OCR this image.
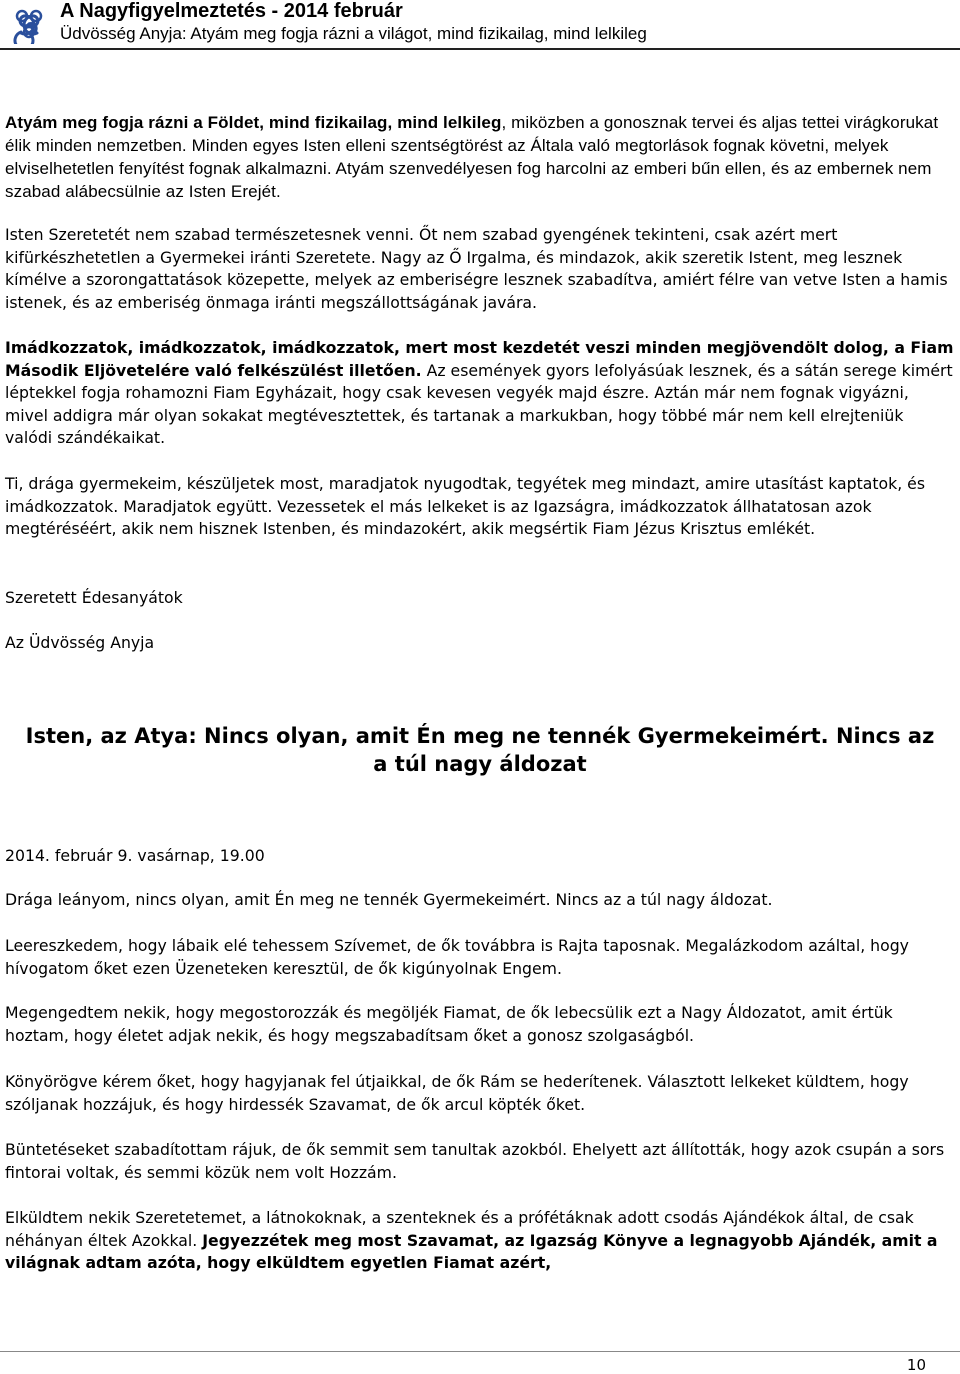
A Nagyfigyelmeztetés - 2014 február
Üdvösség Anyja: Atyám meg fogja rázni a világot, mind fizikailag, mind lelkileg

Atyám meg fogja rázni a Földet, mind fizikailag, mind lelkileg, miközben a gonosznak tervei és aljas tettei virágkorukat élik minden nemzetben. Minden egyes Isten elleni szentségtörést az Általa való megtorlások fognak követni, melyek elviselhetetlen fenyítést fognak alkalmazni. Atyám szenvedélyesen fog harcolni az emberi bűn ellen, és az embernek nem szabad alábecsülnie az Isten Erejét.

Isten Szeretetét nem szabad természetesnek venni. Őt nem szabad gyengének tekinteni, csak azért mert kifürkészhetetlen a Gyermekei iránti Szeretete. Nagy az Ő Irgalma, és mindazok, akik szeretik Istent, meg lesznek kímélve a szorongattatások közepette, melyek az emberiségre lesznek szabadítva, amiért félre van vetve Isten a hamis istenek, és az emberiség önmaga iránti megszállottságának javára.

Imádkozzatok, imádkozzatok, imádkozzatok, mert most kezdetét veszi minden megjövendölt dolog, a Fiam Második Eljövetelére való felkészülést illetően. Az események gyors lefolyásúak lesznek, és a sátán serege kimért léptekkel fogja rohamozni Fiam Egyházait, hogy csak kevesen vegyék majd észre. Aztán már nem fognak vigyázni, mivel addigra már olyan sokakat megtévesztettek, és tartanak a markukban, hogy többé már nem kell elrejteniük valódi szándékaikat.

Ti, drága gyermekeim, készüljetek most, maradjatok nyugodtak, tegyétek meg mindazt, amire utasítást kaptatok, és imádkozzatok. Maradjatok együtt. Vezessetek el más lelkeket is az Igazságra, imádkozzatok állhatatosan azok megtéréséért, akik nem hisznek Istenben, és mindazokért, akik megsértik Fiam Jézus Krisztus emlékét.

Szeretett Édesanyátok

Az Üdvösség Anyja

Isten, az Atya: Nincs olyan, amit Én meg ne tennék Gyermekeimért. Nincs az
a túl nagy áldozat

2014. február 9. vasárnap, 19.00

Drága leányom, nincs olyan, amit Én meg ne tennék Gyermekeimért. Nincs az a túl nagy áldozat.

Leereszkedem, hogy lábaik elé tehessem Szívemet, de ők továbbra is Rajta taposnak. Megalázkodom azáltal, hogy hívogatom őket ezen Üzeneteken keresztül, de ők kigúnyolnak Engem.

Megengedtem nekik, hogy megostorozzák és megöljék Fiamat, de ők lebecsülik ezt a Nagy Áldozatot, amit értük hoztam, hogy életet adjak nekik, és hogy megszabadítsam őket a gonosz szolgaságból.

Könyörögve kérem őket, hogy hagyjanak fel útjaikkal, de ők Rám se hederítenek. Választott lelkeket küldtem, hogy szóljanak hozzájuk, és hogy hirdessék Szavamat, de ők arcul köpték őket.

Büntetéseket szabadítottam rájuk, de ők semmit sem tanultak azokból. Ehelyett azt állították, hogy azok csupán a sors fintorai voltak, és semmi közük nem volt Hozzám.

Elküldtem nekik Szeretetemet, a látnokoknak, a szenteknek és a prófétáknak adott csodás Ajándékok által, de csak néhányan éltek Azokkal. Jegyezzétek meg most Szavamat, az Igazság Könyve a legnagyobb Ajándék, amit a világnak adtam azóta, hogy elküldtem egyetlen Fiamat azért,

10
